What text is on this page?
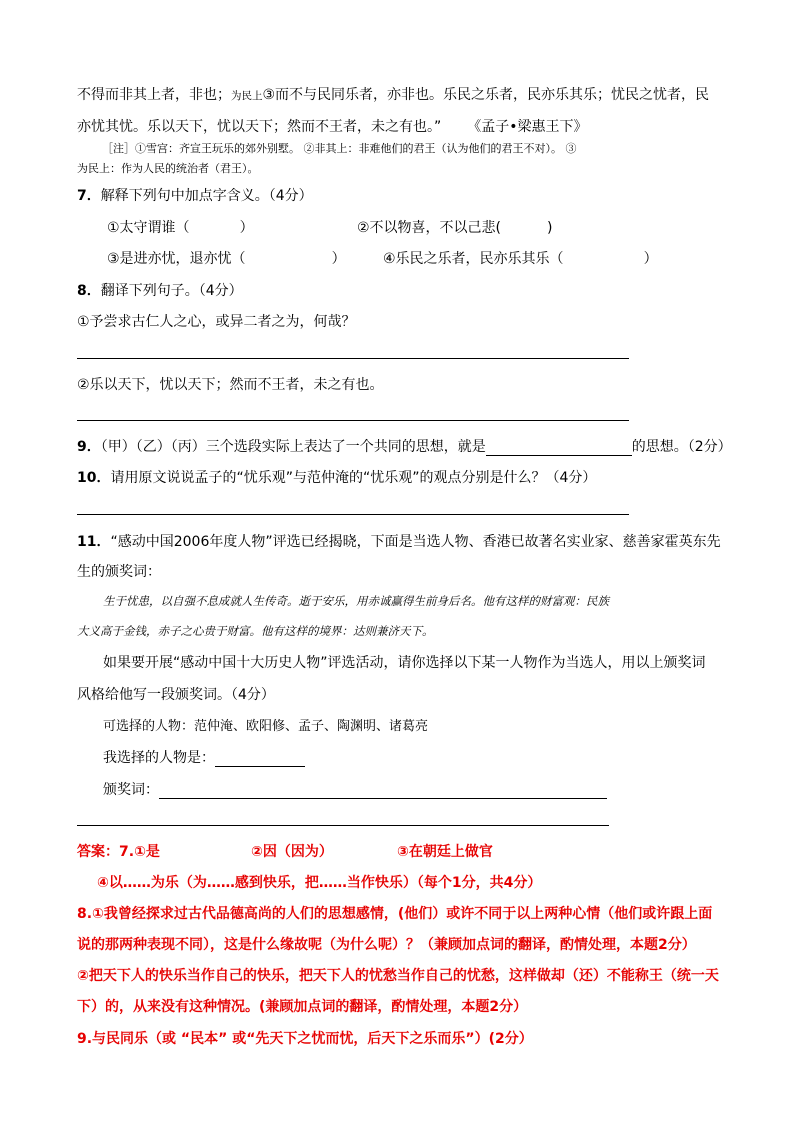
不得而非其上者，非也；为民上③而不与民同乐者，亦非也。乐民之乐者，民亦乐其乐；忧民之忧者，民
亦忧其忧。乐以天下，忧以天下；然而不王者，未之有也。” 《孟子•梁惠王下》
［注］①雪宫：齐宣王玩乐的郊外别墅。 ②非其上：非难他们的君王（认为他们的君王不对）。 ③
为民上：作为人民的统治者（君王）。
7．解释下列句中加点字含义。（4分）
①太守谓谁（	）	②不以物喜，不以己悲(	)
③是进亦忧，退亦忧（	）	④乐民之乐者，民亦乐其乐（	）
8．翻译下列句子。（4分）
①予尝求古仁人之心，或异二者之为，何哉？
②乐以天下，忧以天下；然而不王者，未之有也。
9．（甲）（乙）（丙）三个选段实际上表达了一个共同的思想，就是	的思想。（2分）
10．请用原文说说孟子的“忧乐观”与范仲淹的“忧乐观”的观点分别是什么？（4分）
11．“感动中国2006年度人物”评选已经揭晓，下面是当选人物、香港已故著名实业家、慈善家霍英东先
生的颁奖词：
生于忧患，以自强不息成就人生传奇。逝于安乐，用赤诚赢得生前身后名。他有这样的财富观：民族
大义高于金钱，赤子之心贵于财富。他有这样的境界：达则兼济天下。
如果要开展“感动中国十大历史人物”评选活动，请你选择以下某一人物作为当选人，用以上颁奖词
风格给他写一段颁奖词。（4分）
可选择的人物：范仲淹、欧阳修、孟子、陶渊明、诸葛亮
我选择的人物是：
颁奖词：
答案：7.①是	②因（因为）	③在朝廷上做官
④以……为乐（为……感到快乐，把……当作快乐）（每个1分，共4分）
8.①我曾经探求过古代品德高尚的人们的思想感情，(他们）或许不同于以上两种心情（他们或许跟上面
说的那两种表现不同），这是什么缘故呢（为什么呢）？（兼顾加点词的翻译，酌情处理，本题2分）
②把天下人的快乐当作自己的快乐，把天下人的忧愁当作自己的忧愁，这样做却（还）不能称王（统一天
下）的，从来没有这种情况。(兼顾加点词的翻译，酌情处理，本题2分）
9.与民同乐（或 “民本” 或“先天下之忧而忧，后天下之乐而乐”）(2分）
